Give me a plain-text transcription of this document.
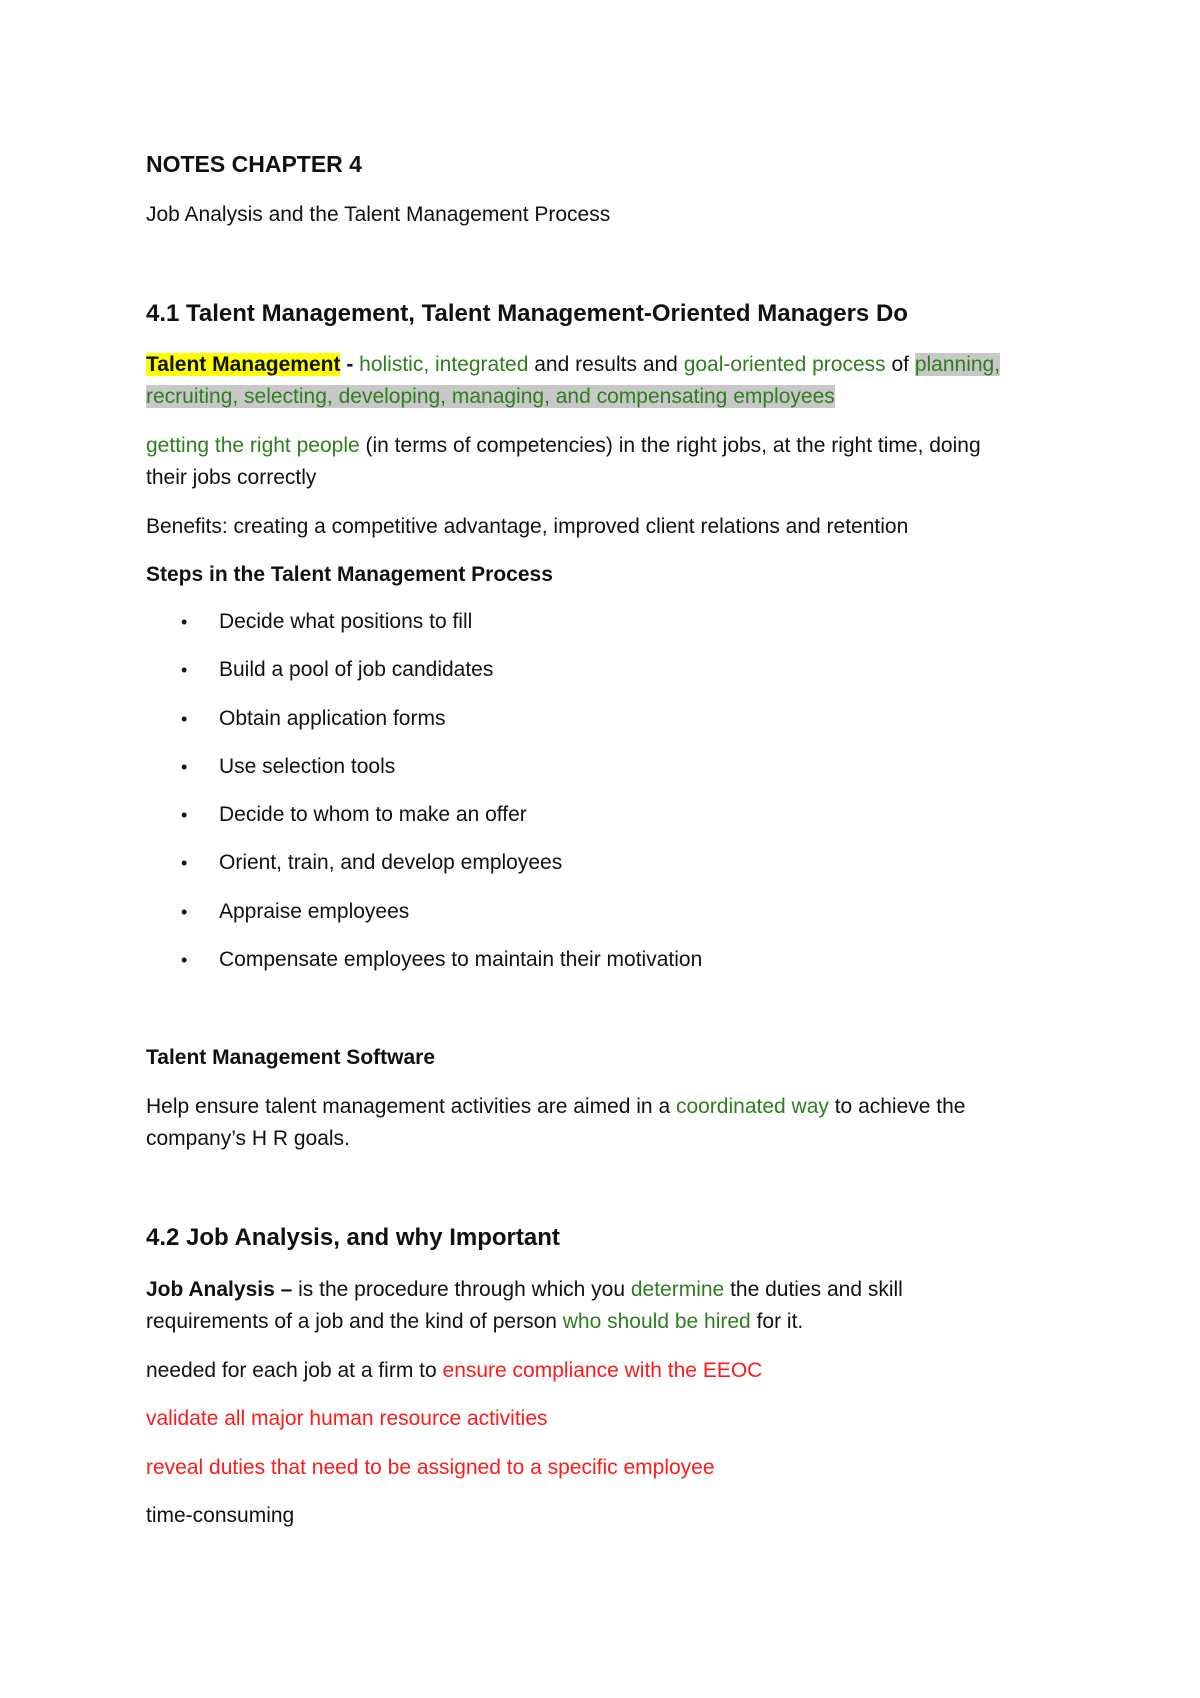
NOTES CHAPTER 4

Job Analysis and the Talent Management Process

4.1 Talent Management, Talent Management-Oriented Managers Do

Talent Management - holistic, integrated and results and goal-oriented process of planning,

recruiting, selecting, developing, managing, and compensating employees

getting the right people (in terms of competencies) in the right jobs, at the right time, doing

their jobs correctly

Benefits: creating a competitive advantage, improved client relations and retention

Steps in the Talent Management Process

• Decide what positions to fill
• Build a pool of job candidates
• Obtain application forms
• Use selection tools
• Decide to whom to make an offer
• Orient, train, and develop employees
• Appraise employees
• Compensate employees to maintain their motivation

Talent Management Software

Help ensure talent management activities are aimed in a coordinated way to achieve the

company’s H R goals.

4.2 Job Analysis, and why Important

Job Analysis – is the procedure through which you determine the duties and skill

requirements of a job and the kind of person who should be hired for it.

needed for each job at a firm to ensure compliance with the EEOC

validate all major human resource activities

reveal duties that need to be assigned to a specific employee

time-consuming
